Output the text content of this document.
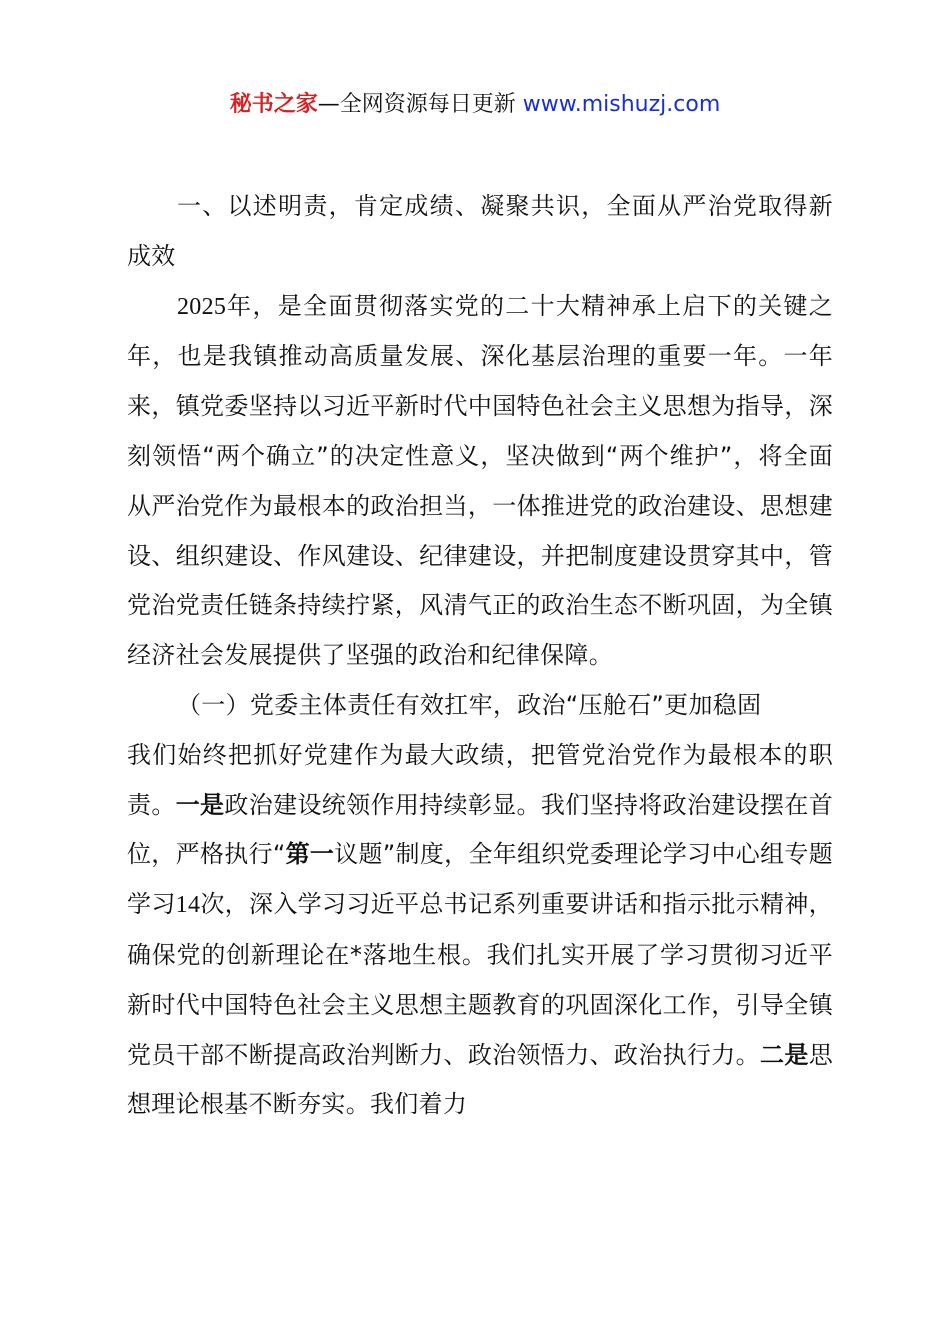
秘书之家—全网资源每日更新 www.mishuzj.com

一、以述明责，肯定成绩、凝聚共识，全面从严治党取得新成效

2025年，是全面贯彻落实党的二十大精神承上启下的关键之年，也是我镇推动高质量发展、深化基层治理的重要一年。一年来，镇党委坚持以习近平新时代中国特色社会主义思想为指导，深刻领悟“两个确立”的决定性意义，坚决做到“两个维护”，将全面从严治党作为最根本的政治担当，一体推进党的政治建设、思想建设、组织建设、作风建设、纪律建设，并把制度建设贯穿其中，管党治党责任链条持续拧紧，风清气正的政治生态不断巩固，为全镇经济社会发展提供了坚强的政治和纪律保障。

（一）党委主体责任有效扛牢，政治“压舱石”更加稳固

我们始终把抓好党建作为最大政绩，把管党治党作为最根本的职责。一是政治建设统领作用持续彰显。我们坚持将政治建设摆在首位，严格执行“第一议题”制度，全年组织党委理论学习中心组专题学习14次，深入学习习近平总书记系列重要讲话和指示批示精神，确保党的创新理论在*落地生根。我们扎实开展了学习贯彻习近平新时代中国特色社会主义思想主题教育的巩固深化工作，引导全镇党员干部不断提高政治判断力、政治领悟力、政治执行力。二是思想理论根基不断夯实。我们着力
